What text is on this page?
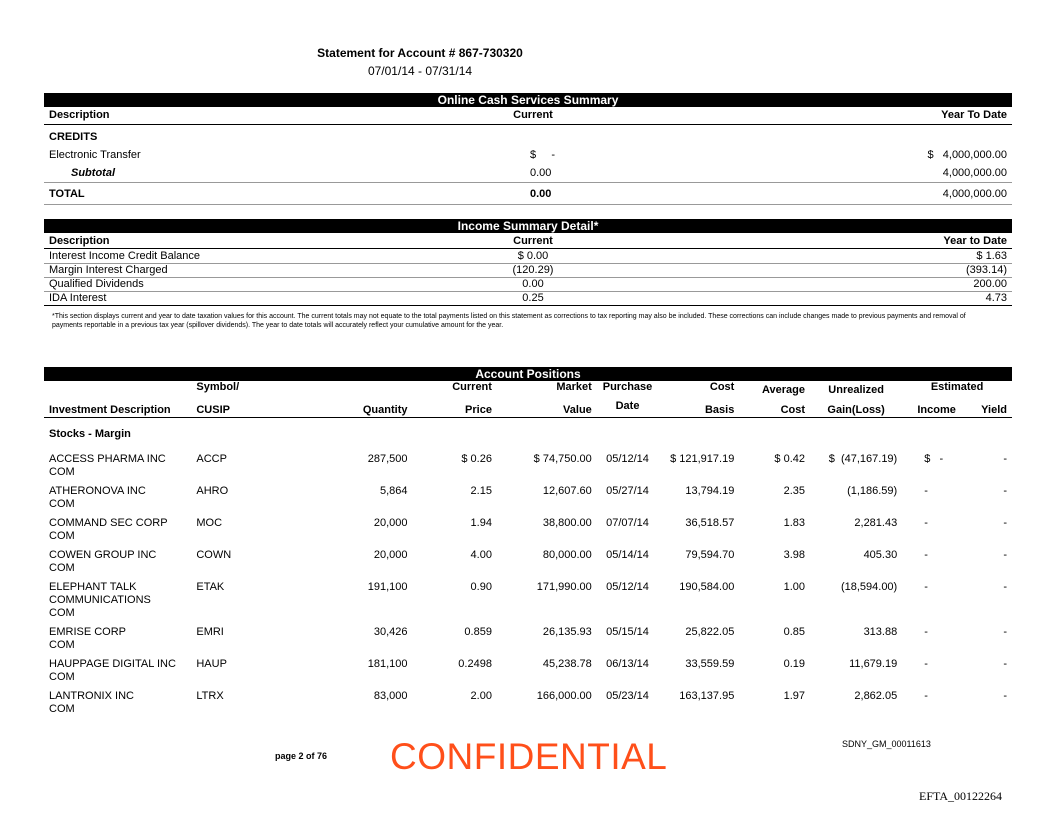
Statement for Account # 867-730320
07/01/14 - 07/31/14
Online Cash Services Summary
Description	Current	Year To Date
CREDITS
Electronic Transfer	$     -	$   4,000,000.00
Subtotal	0.00	4,000,000.00
TOTAL	0.00	4,000,000.00
Income Summary Detail*
Description	Current	Year to Date
Interest Income Credit Balance	$ 0.00	$ 1.63
Margin Interest Charged	(120.29)	(393.14)
Qualified Dividends	0.00	200.00
IDA Interest	0.25	4.73
*This section displays current and year to date taxation values for this account. The current totals may not equate to the total payments listed on this statement as corrections to tax reporting may also be included. These corrections can include changes made to previous payments and removal of payments reportable in a previous tax year (spillover dividends). The year to date totals will accurately reflect your cumulative amount for the year.
Account Positions
	Symbol/		Current	Market	Purchase	Cost	Average	Unrealized	Estimated	
Investment Description	CUSIP	Quantity	Price	Value	Date	Basis	Cost	Gain(Loss)	Income	Yield
Stocks - Margin										
ACCESS PHARMA INC
COM	ACCP	287,500	$ 0.26	$ 74,750.00	05/12/14	$ 121,917.19	$ 0.42	$  (47,167.19)	$   -	-
ATHERONOVA INC
COM	AHRO	5,864	2.15	12,607.60	05/27/14	13,794.19	2.35	(1,186.59)	-	-
COMMAND SEC CORP
COM	MOC	20,000	1.94	38,800.00	07/07/14	36,518.57	1.83	2,281.43	-	-
COWEN GROUP INC
COM	COWN	20,000	4.00	80,000.00	05/14/14	79,594.70	3.98	405.30	-	-
ELEPHANT TALK
COMMUNICATIONS
COM	ETAK	191,100	0.90	171,990.00	05/12/14	190,584.00	1.00	(18,594.00)	-	-
EMRISE CORP
COM	EMRI	30,426	0.859	26,135.93	05/15/14	25,822.05	0.85	313.88	-	-
HAUPPAGE DIGITAL INC
COM	HAUP	181,100	0.2498	45,238.78	06/13/14	33,559.59	0.19	11,679.19	-	-
LANTRONIX INC
COM	LTRX	83,000	2.00	166,000.00	05/23/14	163,137.95	1.97	2,862.05	-	-
page 2 of 76 CONFIDENTIAL	SDNY_GM_00011613
EFTA_00122264
